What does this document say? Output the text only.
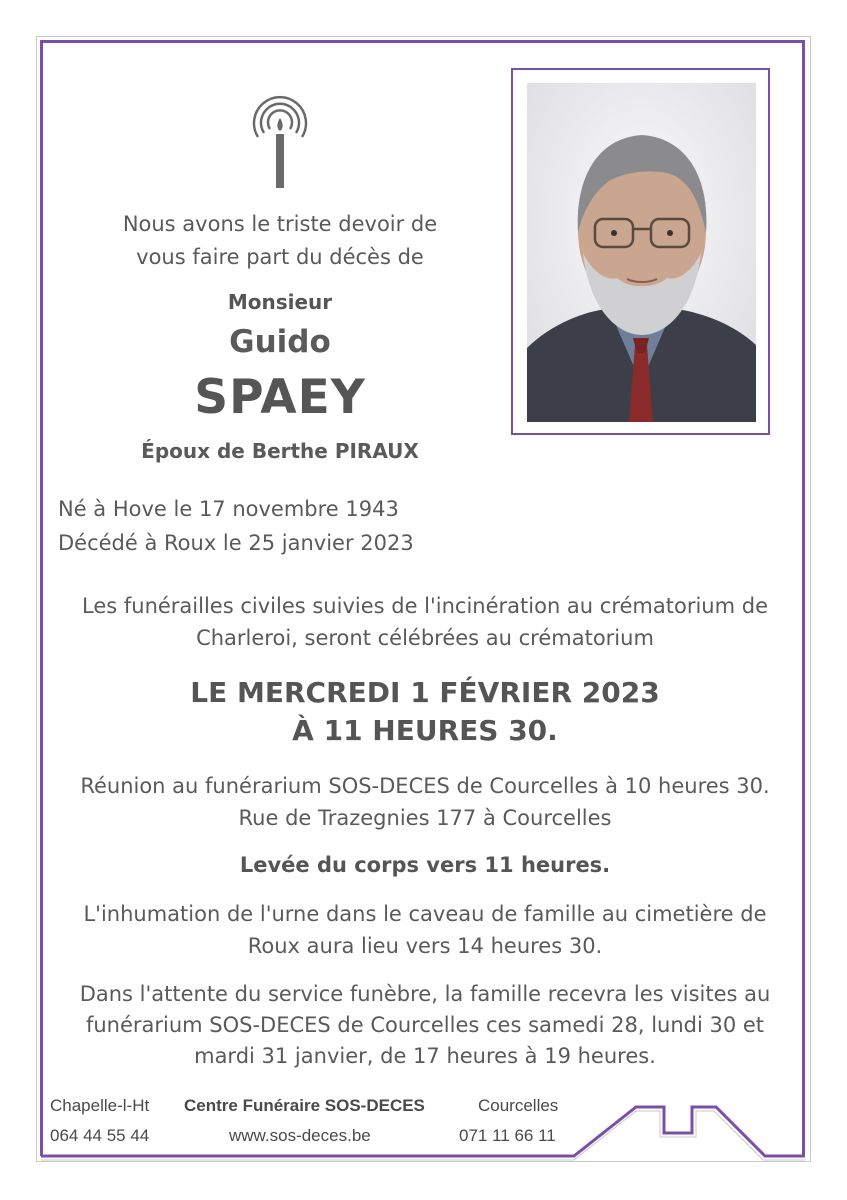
Nous avons le triste devoir de
vous faire part du décès de
Monsieur
Guido
SPAEY
Époux de Berthe PIRAUX
Né à Hove le 17 novembre 1943
Décédé à Roux le 25 janvier 2023
Les funérailles civiles suivies de l'incinération au crématorium de
Charleroi, seront célébrées au crématorium
LE MERCREDI 1 FÉVRIER 2023
À 11 HEURES 30.
Réunion au funérarium SOS-DECES de Courcelles à 10 heures 30.
Rue de Trazegnies 177 à Courcelles
Levée du corps vers 11 heures.
L'inhumation de l'urne dans le caveau de famille au cimetière de
Roux aura lieu vers 14 heures 30.
Dans l'attente du service funèbre, la famille recevra les visites au
funérarium SOS-DECES de Courcelles ces samedi 28, lundi 30 et
mardi 31 janvier, de 17 heures à 19 heures.
Chapelle-l-Ht
064 44 55 44
Centre Funéraire SOS-DECES
www.sos-deces.be
Courcelles
071 11 66 11
